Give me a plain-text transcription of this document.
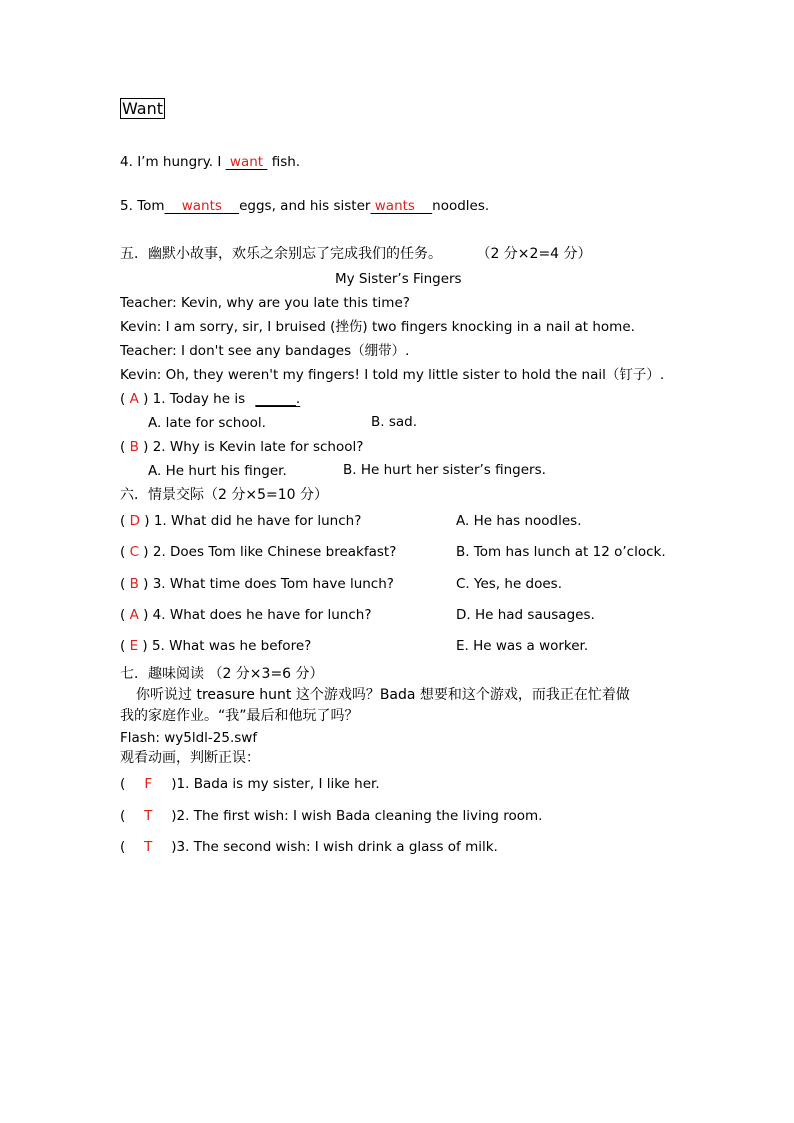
Want
4. I’m hungry. I want fish.
5. Tom wants eggs, and his sister wants noodles.
五．幽默小故事，欢乐之余别忘了完成我们的任务。 （2 分×2=4 分）
My Sister’s Fingers
Teacher: Kevin, why are you late this time?
Kevin: I am sorry, sir, I bruised (挫伤) two fingers knocking in a nail at home.
Teacher: I don't see any bandages（绷带）.
Kevin: Oh, they weren't my fingers! I told my little sister to hold the nail（钉子）.
( A ) 1. Today he is ______.
A. late for school.	B. sad.
( B ) 2. Why is Kevin late for school?
A. He hurt his finger.	B. He hurt her sister’s fingers.
六．情景交际（2 分×5=10 分）
( D ) 1. What did he have for lunch?	A. He has noodles.
( C ) 2. Does Tom like Chinese breakfast?	B. Tom has lunch at 12 o’clock.
( B ) 3. What time does Tom have lunch?	C. Yes, he does.
( A ) 4. What does he have for lunch?	D. He had sausages.
( E ) 5. What was he before?	E. He was a worker.
七．趣味阅读 （2 分×3=6 分）
你听说过 treasure hunt 这个游戏吗？Bada 想要和这个游戏，而我正在忙着做
我的家庭作业。“我”最后和他玩了吗？
Flash: wy5ldl-25.swf
观看动画，判断正误：
( F )1. Bada is my sister, I like her.
( T )2. The first wish: I wish Bada cleaning the living room.
( T )3. The second wish: I wish drink a glass of milk.
